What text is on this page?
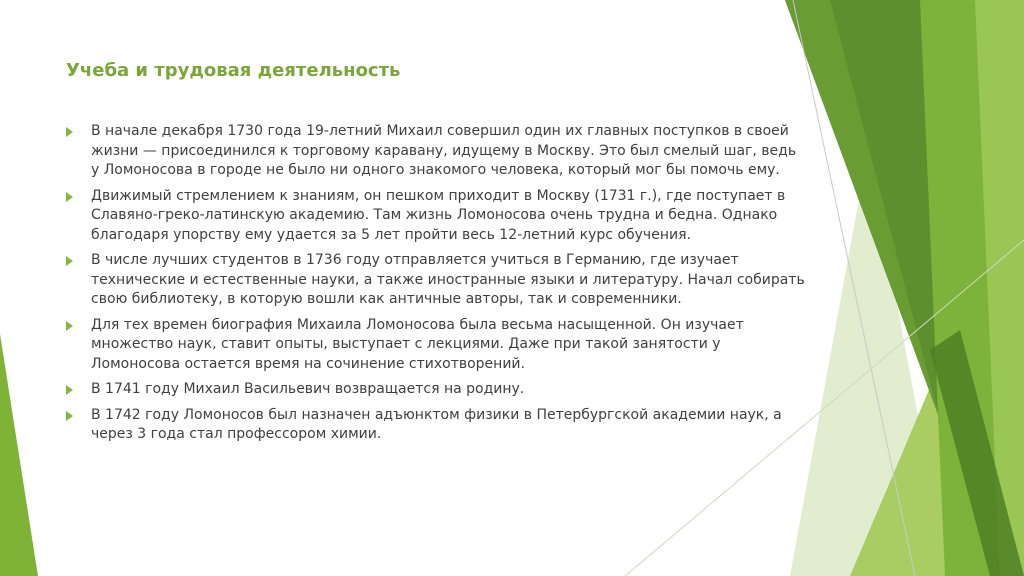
Учеба и трудовая деятельность
В начале декабря 1730 года 19-летний Михаил совершил один их главных поступков в своей жизни — присоединился к торговому каравану, идущему в Москву. Это был смелый шаг, ведь у Ломоносова в городе не было ни одного знакомого человека, который мог бы помочь ему.
Движимый стремлением к знаниям, он пешком приходит в Москву (1731 г.), где поступает в Славяно-греко-латинскую академию. Там жизнь Ломоносова очень трудна и бедна. Однако благодаря упорству ему удается за 5 лет пройти весь 12-летний курс обучения.
В числе лучших студентов в 1736 году отправляется учиться в Германию, где изучает технические и естественные науки, а также иностранные языки и литературу. Начал собирать свою библиотеку, в которую вошли как античные авторы, так и современники.
Для тех времен биография Михаила Ломоносова была весьма насыщенной. Он изучает множество наук, ставит опыты, выступает с лекциями. Даже при такой занятости у Ломоносова остается время на сочинение стихотворений.
В 1741 году Михаил Васильевич возвращается на родину.
В 1742 году Ломоносов был назначен адъюнктом физики в Петербургской академии наук, а через 3 года стал профессором химии.
